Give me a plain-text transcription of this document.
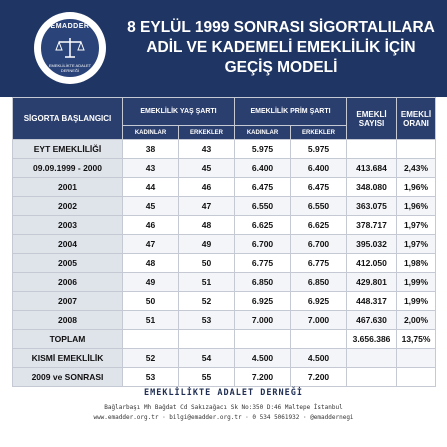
EMADDER
EMEKLİLİKTE ADALET DERNEĞİ
8 EYLÜL 1999 SONRASI SİGORTALILARA
ADİL VE KADEMELİ EMEKLİLİK İÇİN
GEÇİŞ MODELİ
SİGORTA BAŞLANGICI	EMEKLİLİK YAŞ ŞARTI		EMEKLİLİK PRİM ŞARTI		EMEKLİ SAYISI	EMEKLİ ORANI
	KADINLAR	ERKEKLER	KADINLAR	ERKEKLER		
EYT EMEKLİLİĞİ	38	43	5.975	5.975		
09.09.1999 - 2000	43	45	6.400	6.400	413.684	2,43%
2001	44	46	6.475	6.475	348.080	1,96%
2002	45	47	6.550	6.550	363.075	1,96%
2003	46	48	6.625	6.625	378.717	1,97%
2004	47	49	6.700	6.700	395.032	1,97%
2005	48	50	6.775	6.775	412.050	1,98%
2006	49	51	6.850	6.850	429.801	1,99%
2007	50	52	6.925	6.925	448.317	1,99%
2008	51	53	7.000	7.000	467.630	2,00%
TOPLAM					3.656.386	13,75%
KISMİ EMEKLİLİK	52	54	4.500	4.500		
2009 ve SONRASI	53	55	7.200	7.200		
EMEKLİLİKTE ADALET DERNEĞİ
Bağlarbaşı Mh Bağdat Cd Sakızağacı Sk No:350 D:46 Maltepe İstanbul
www.emadder.org.tr · bilgi@emadder.org.tr · 0 534 5061932 · @emaddernegi
